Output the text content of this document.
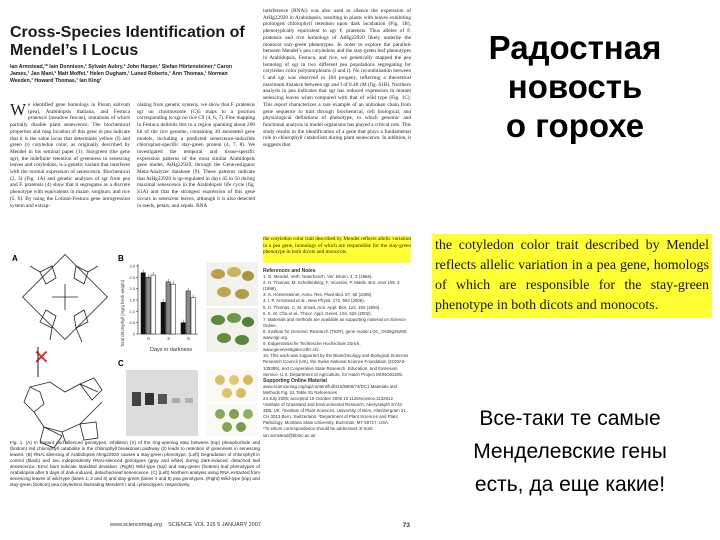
Cross-Species Identification of Mendel’s I Locus
Ian Armstead,¹* Iain Donnison,¹ Sylvain Aubry,² John Harper,¹ Stefan Hörtensteiner,² Caron James,¹ Jan Mani,² Matt Moffet,³ Helen Ougham,¹ Luned Roberts,¹ Ann Thomas,¹ Norman Weeden,³ Howard Thomas,¹ Ian King¹
We identified gene homologs in Pisum sativum (pea), Arabidopsis thaliana, and Festuca pratensis (meadow fescue), mutations of which partially disable plant senescence. The biochemical properties and map location of this gene in pea indicate that it is the same locus that determines yellow (I) and green (i) cotyledon color, as originally described by Mendel in his seminal paper (1). Staygreen (the gene sgr), the indefinite retention of greenness in senescing leaves and cotyledons, is a genetic variant that interferes with the normal expression of senescence. Biochemical (2, 3) (Fig. 1A) and genetic analyses of sgr from pea and F. pratensis (4) show that it segregates as a discrete phenotype with equivalents in maize, sorghum, and rice (5, 6). By using the Lolium-Festuca gene introgression system and extrap-
olating from genetic synteny, we show that F. pratensis sgr on chromosome (C)5 maps to a position corresponding to sgr on rice C9 (4, 6, 7). Fine mapping in Festuca delimits this to a region spanning about 200 kb of the rice genome, containing 30 annotated gene models, including a predicted senescence-inducible chloroplast-specific stay-green protein (4, 7, 8). We investigated the temporal and tissue-specific expression patterns of the most similar Arabidopsis gene model, AtHg22920, through the Genevestigator Meta-Analyzer database (9). These patterns indicate that AtHg22920 is up-regulated in days 45 to 50 during maximal senescence in the Arabidopsis life cycle (fig. S1A) and that the strongest expression of this gene occurs in senescent leaves, although it is also detected in seeds, petals, and sepals. RNA
interference (RNAi) was also used to silence the expression of AtHg22920 in Arabidopsis, resulting in plants with leaves exhibiting prolonged chlorophyll retention upon dark incubation (Fig. 1B), phenotypically equivalent to sgr F. pratensis. Thus alleles of F. pratensis and rice homologs of AtHg22920 likely underlie the monocot stay-green phenotypes. In order to explore the parallels between Mendel’s pea cotyledons and the stay-green leaf phenotypes in Arabidopsis, Festuca, and rice, we genetically mapped the pea homolog of sgr in two different pea populations segregating for cotyledon color polymorphisms (I and i). No recombination between I and sgr was observed in 104 progeny, reflecting a theoretical maximum distance between sgr and I of 0.48 cM (fig. S1B). Northern analysis in pea indicates that sgr has reduced expression in mutant senescing leaves when compared with that of wild type (Fig. 1C). This report characterizes a rare example of an unbroken chain from gene sequence to trait through biochemical, cell biological, and physiological definitions of phenotype, in which genomic and functional analysis in model organisms has played a critical role. This study results in the identification of a gene that plays a fundamental role in chlorophyll catabolism during plant senescence. In addition, it suggests that
the cotyledon color trait described by Mendel reflects allelic variation in a pea gene, homologs of which are responsible for the stay-green phenotype in both dicots and monocots.

References and Notes

1. G. Mendel, Verh. Naturforsch. Ver. Brünn. 4, 3 (1866).

2. H. Thomas, M. Schellenberg, F. Vicentini, P. Matile, Bot. Acta 109, 3 (1996).

3. S. Hörtensteiner, Annu. Rev. Plant Biol. 57, 55 (2006).

4. I. P. Armstead et al., New Phytol. 172, 592 (2006).

5. H. Thomas, C. M. Smart, Ann. Appl. Biol. 123, 193 (1993).

6. K. M. Cha et al., Theor. Appl. Genet. 104, 526 (2002).

7. Materials and methods are available as supporting material on Science Online.

8. Institute for Genomic Research (TIGR), gene model LOC_Os09g36200, www.tigr.org.

9. Eidgenössische Technische Hochschule Zürich, www.genevestigator.ethz.ch/.

10. This work was supported by the Biotechnology and Biological Sciences Research Council (UK), the Swiss National Science Foundation (3100A0-105389), and Cooperative State Research, Education, and Extension Service, U.S. Department of Agriculture, for Hatch Project MONO02205.

Supporting Online Material

www.sciencemag.org/cgi/content/full/315/5808/73/DC1 Materials and Methods Fig. S1 Table S1 References

24 July 2006; accepted 16 October 2006 10.1126/science.1132912

¹Institute of Grassland and Environmental Research, Aberystwyth SY23 3EB, UK. ²Institute of Plant Sciences, University of Bern, Altenbergrain 21, CH 3013 Bern, Switzerland. ³Department of Plant Sciences and Plant Pathology, Montana State University, Bozeman, MT 59717, USA.

*To whom correspondence should be addressed. E-mail: ian.armstead@bbsrc.ac.uk

A
✕
B
Total chlorophyll (mg/g fresh weight) 0
0.5
1.0
1.5
2.0
2.5
3.0
0	3	6
Days in darkness
C
Fig. 1. (A) In mutant and silenced genotypes, inhibition (X) of the ring-opening step between (top) pheophorbide and (bottom) red chlorophyll catabolite in the chlorophyll breakdown pathway (2) leads to retention of greenness in senescing leaves. (B) RNAi silencing of Arabidopsis AtHg22920 causes a stay-green phenotype. (Left) Degradation of chlorophyll in control (black) and two independently RNAi-silenced genotypes (gray and white) during dark-induced, detached leaf senescence. Error bars indicate standard deviation. (Right) Wild-type (top) and stay-green (bottom) leaf phenotypes of Arabidopsis after 5 days of dark-induced, detached-leaf senescence. (C) (Left) Northern analysis using RNA extracted from senescing leaves of wild-type (lanes 1, 2 and 3) and stay-green (lanes 4 and 5) pea genotypes. (Right) Wild-type (top) and stay-green (bottom) pea cotyledons illustrating Mendel’s I and i phenotypes, respectively.
www.sciencemag.org SCIENCE VOL 315 5 JANUARY 2007	73
Радостная
новость
о горохе
the cotyledon color trait described by Mendel reflects allelic variation in a pea gene, homologs of which are responsible for the stay-green phenotype in both dicots and monocots.
Все-таки те самые
Менделевские гены
есть, да еще какие!
